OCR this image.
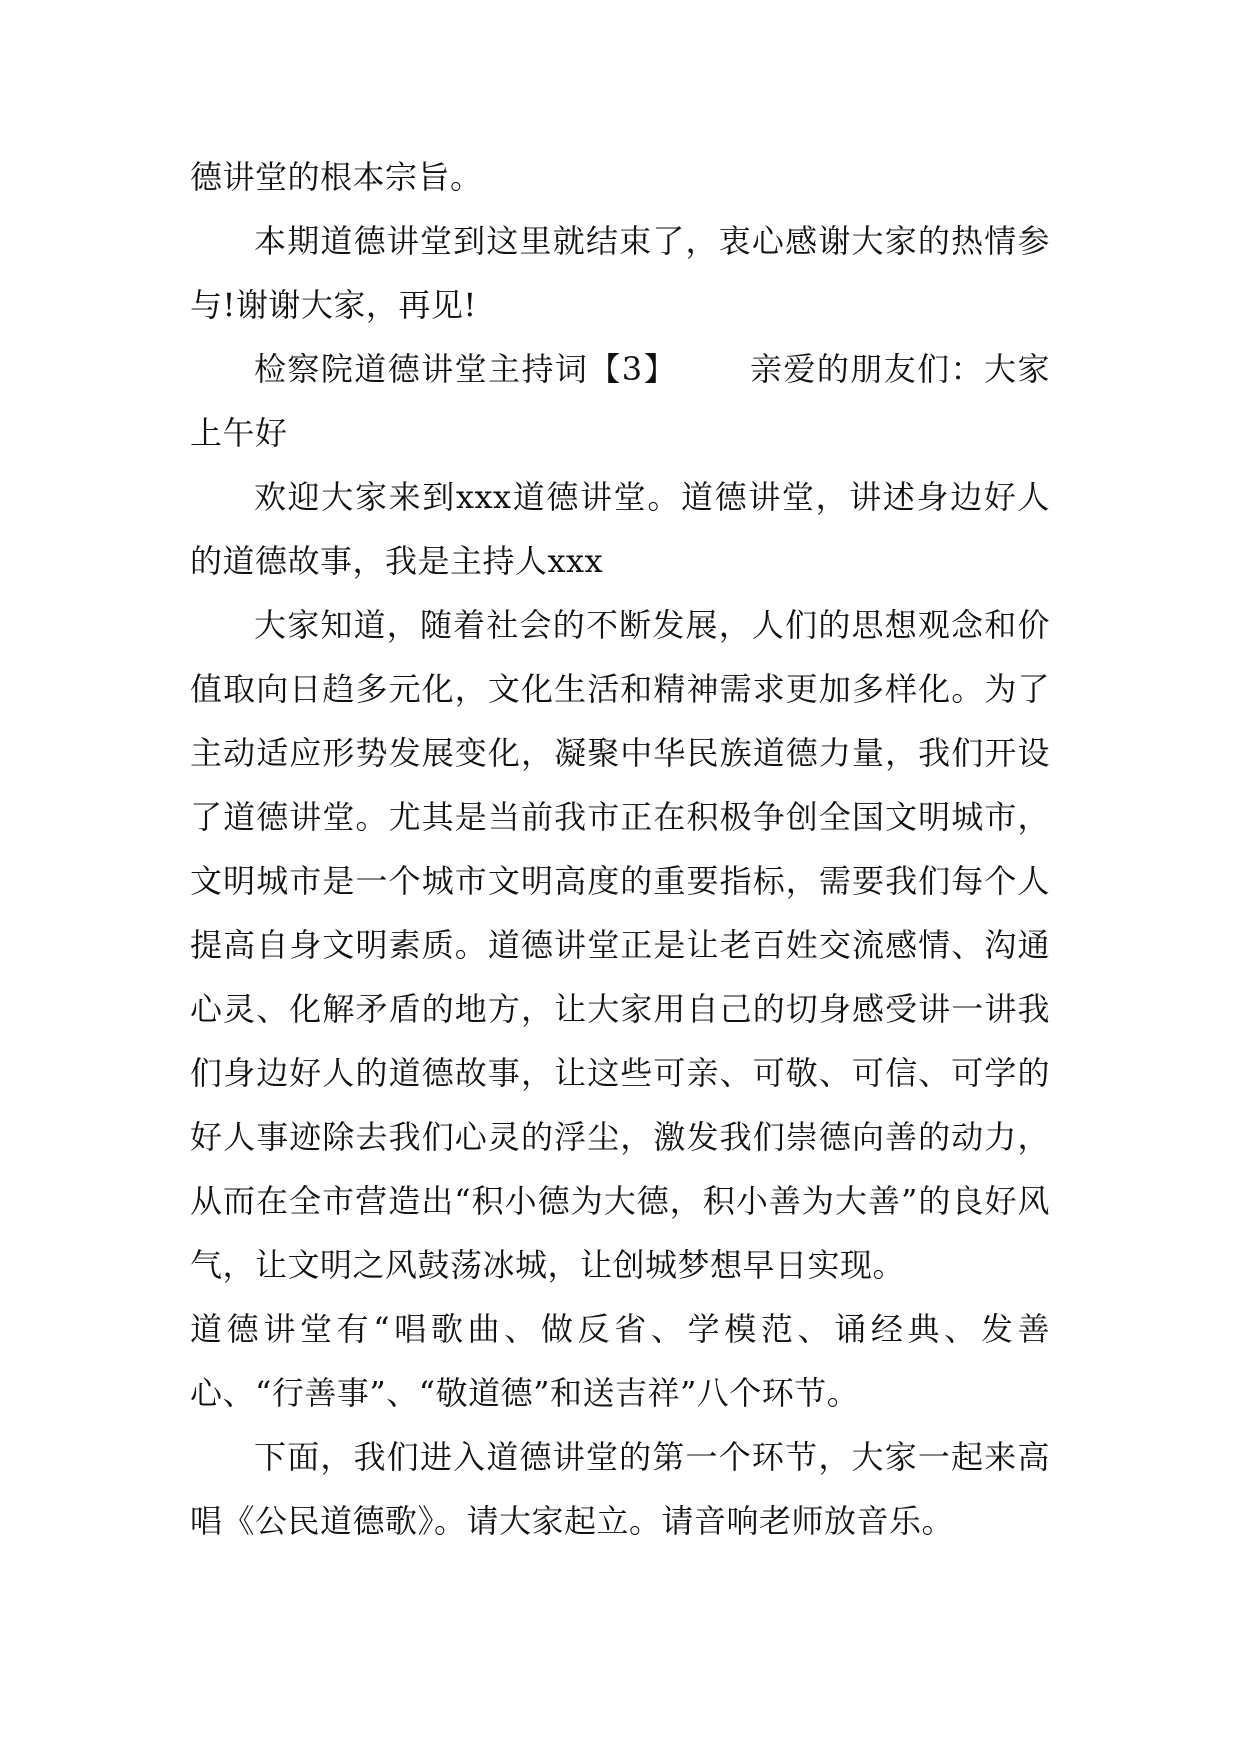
德讲堂的根本宗旨。

本期道德讲堂到这里就结束了，衷心感谢大家的热情参与!谢谢大家，再见!

检察院道德讲堂主持词【3】 亲爱的朋友们：大家上午好

欢迎大家来到xxx道德讲堂。道德讲堂，讲述身边好人的道德故事，我是主持人xxx

大家知道，随着社会的不断发展，人们的思想观念和价值取向日趋多元化，文化生活和精神需求更加多样化。为了主动适应形势发展变化，凝聚中华民族道德力量，我们开设了道德讲堂。尤其是当前我市正在积极争创全国文明城市，文明城市是一个城市文明高度的重要指标，需要我们每个人提高自身文明素质。道德讲堂正是让老百姓交流感情、沟通心灵、化解矛盾的地方，让大家用自己的切身感受讲一讲我们身边好人的道德故事，让这些可亲、可敬、可信、可学的好人事迹除去我们心灵的浮尘，激发我们崇德向善的动力，从而在全市营造出“积小德为大德，积小善为大善”的良好风气，让文明之风鼓荡冰城，让创城梦想早日实现。

道德讲堂有“唱歌曲、做反省、学模范、诵经典、发善心、“行善事”、“敬道德”和送吉祥”八个环节。

下面，我们进入道德讲堂的第一个环节，大家一起来高唱《公民道德歌》。请大家起立。请音响老师放音乐。
